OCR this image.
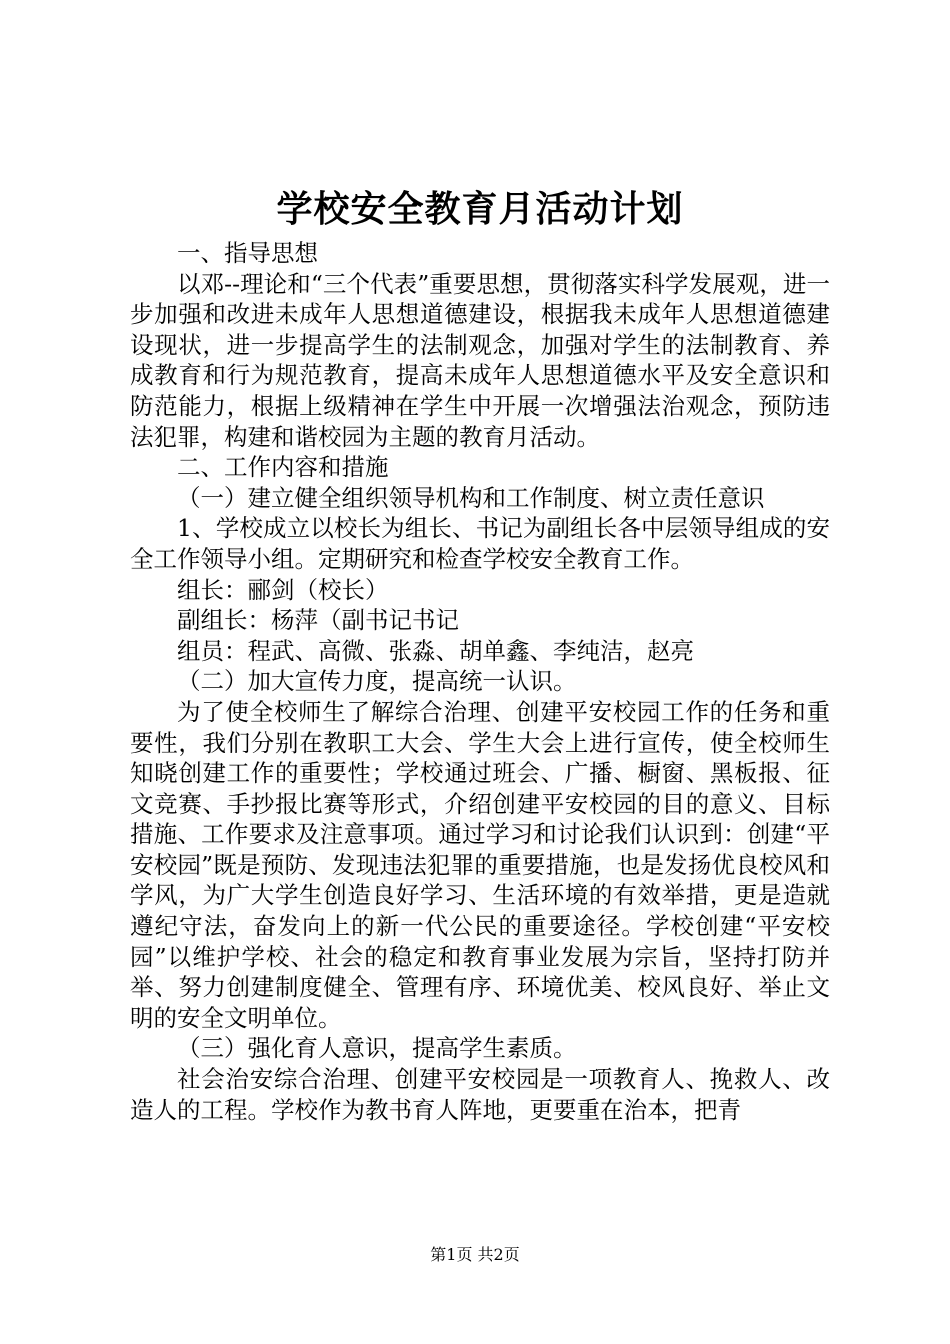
学校安全教育月活动计划

一、指导思想

以邓--理论和“三个代表”重要思想，贯彻落实科学发展观，进一步加强和改进未成年人思想道德建设，根据我未成年人思想道德建设现状，进一步提高学生的法制观念，加强对学生的法制教育、养成教育和行为规范教育，提高未成年人思想道德水平及安全意识和防范能力，根据上级精神在学生中开展一次增强法治观念，预防违法犯罪，构建和谐校园为主题的教育月活动。

二、工作内容和措施

（一）建立健全组织领导机构和工作制度、树立责任意识

1、学校成立以校长为组长、书记为副组长各中层领导组成的安全工作领导小组。定期研究和检查学校安全教育工作。

组长：郦剑（校长）

副组长：杨萍（副书记书记

组员：程武、高微、张淼、胡单鑫、李纯洁，赵亮

（二）加大宣传力度，提高统一认识。

为了使全校师生了解综合治理、创建平安校园工作的任务和重要性，我们分别在教职工大会、学生大会上进行宣传，使全校师生知晓创建工作的重要性；学校通过班会、广播、橱窗、黑板报、征文竞赛、手抄报比赛等形式，介绍创建平安校园的目的意义、目标措施、工作要求及注意事项。通过学习和讨论我们认识到：创建“平安校园”既是预防、发现违法犯罪的重要措施，也是发扬优良校风和学风，为广大学生创造良好学习、生活环境的有效举措，更是造就遵纪守法，奋发向上的新一代公民的重要途径。学校创建“平安校园”以维护学校、社会的稳定和教育事业发展为宗旨，坚持打防并举、努力创建制度健全、管理有序、环境优美、校风良好、举止文明的安全文明单位。

（三）强化育人意识，提高学生素质。

社会治安综合治理、创建平安校园是一项教育人、挽救人、改造人的工程。学校作为教书育人阵地，更要重在治本，把青

第1页 共2页
